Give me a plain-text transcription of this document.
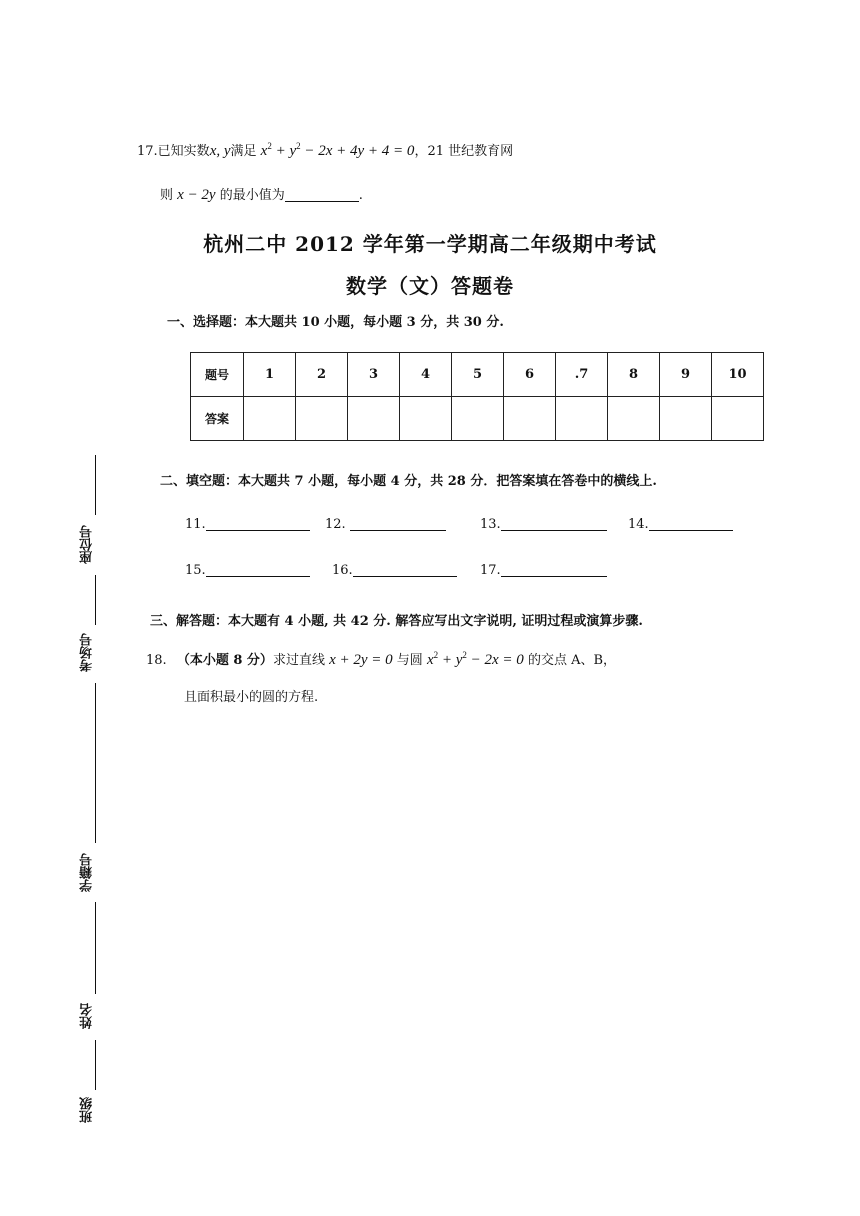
17.已知实数x, y满足 $x^2 + y^2 - 2x + 4y + 4 = 0$，21 世纪教育网
则 x − 2y 的最小值为	.
杭州二中 2012 学年第一学期高二年级期中考试
数学（文）答题卷
一、选择题：本大题共 10 小题，每小题 3 分，共 30 分.
题号	1	2	3	4	5	6	.7	8	9	10
答案										
二、填空题：本大题共 7 小题，每小题 4 分，共 28 分．把答案填在答卷中的横线上.
11.	12.	13.	14.
15.	16.	17.
三、解答题：本大题有 4 小题, 共 42 分. 解答应写出文字说明, 证明过程或演算步骤.
18. （本小题 8 分）求过直线 x + 2y = 0 与圆 $x^2 + y^2 - 2x = 0$ 的交点 A、B，
且面积最小的圆的方程.
座位号
考场号
学籍号
姓名
班级
